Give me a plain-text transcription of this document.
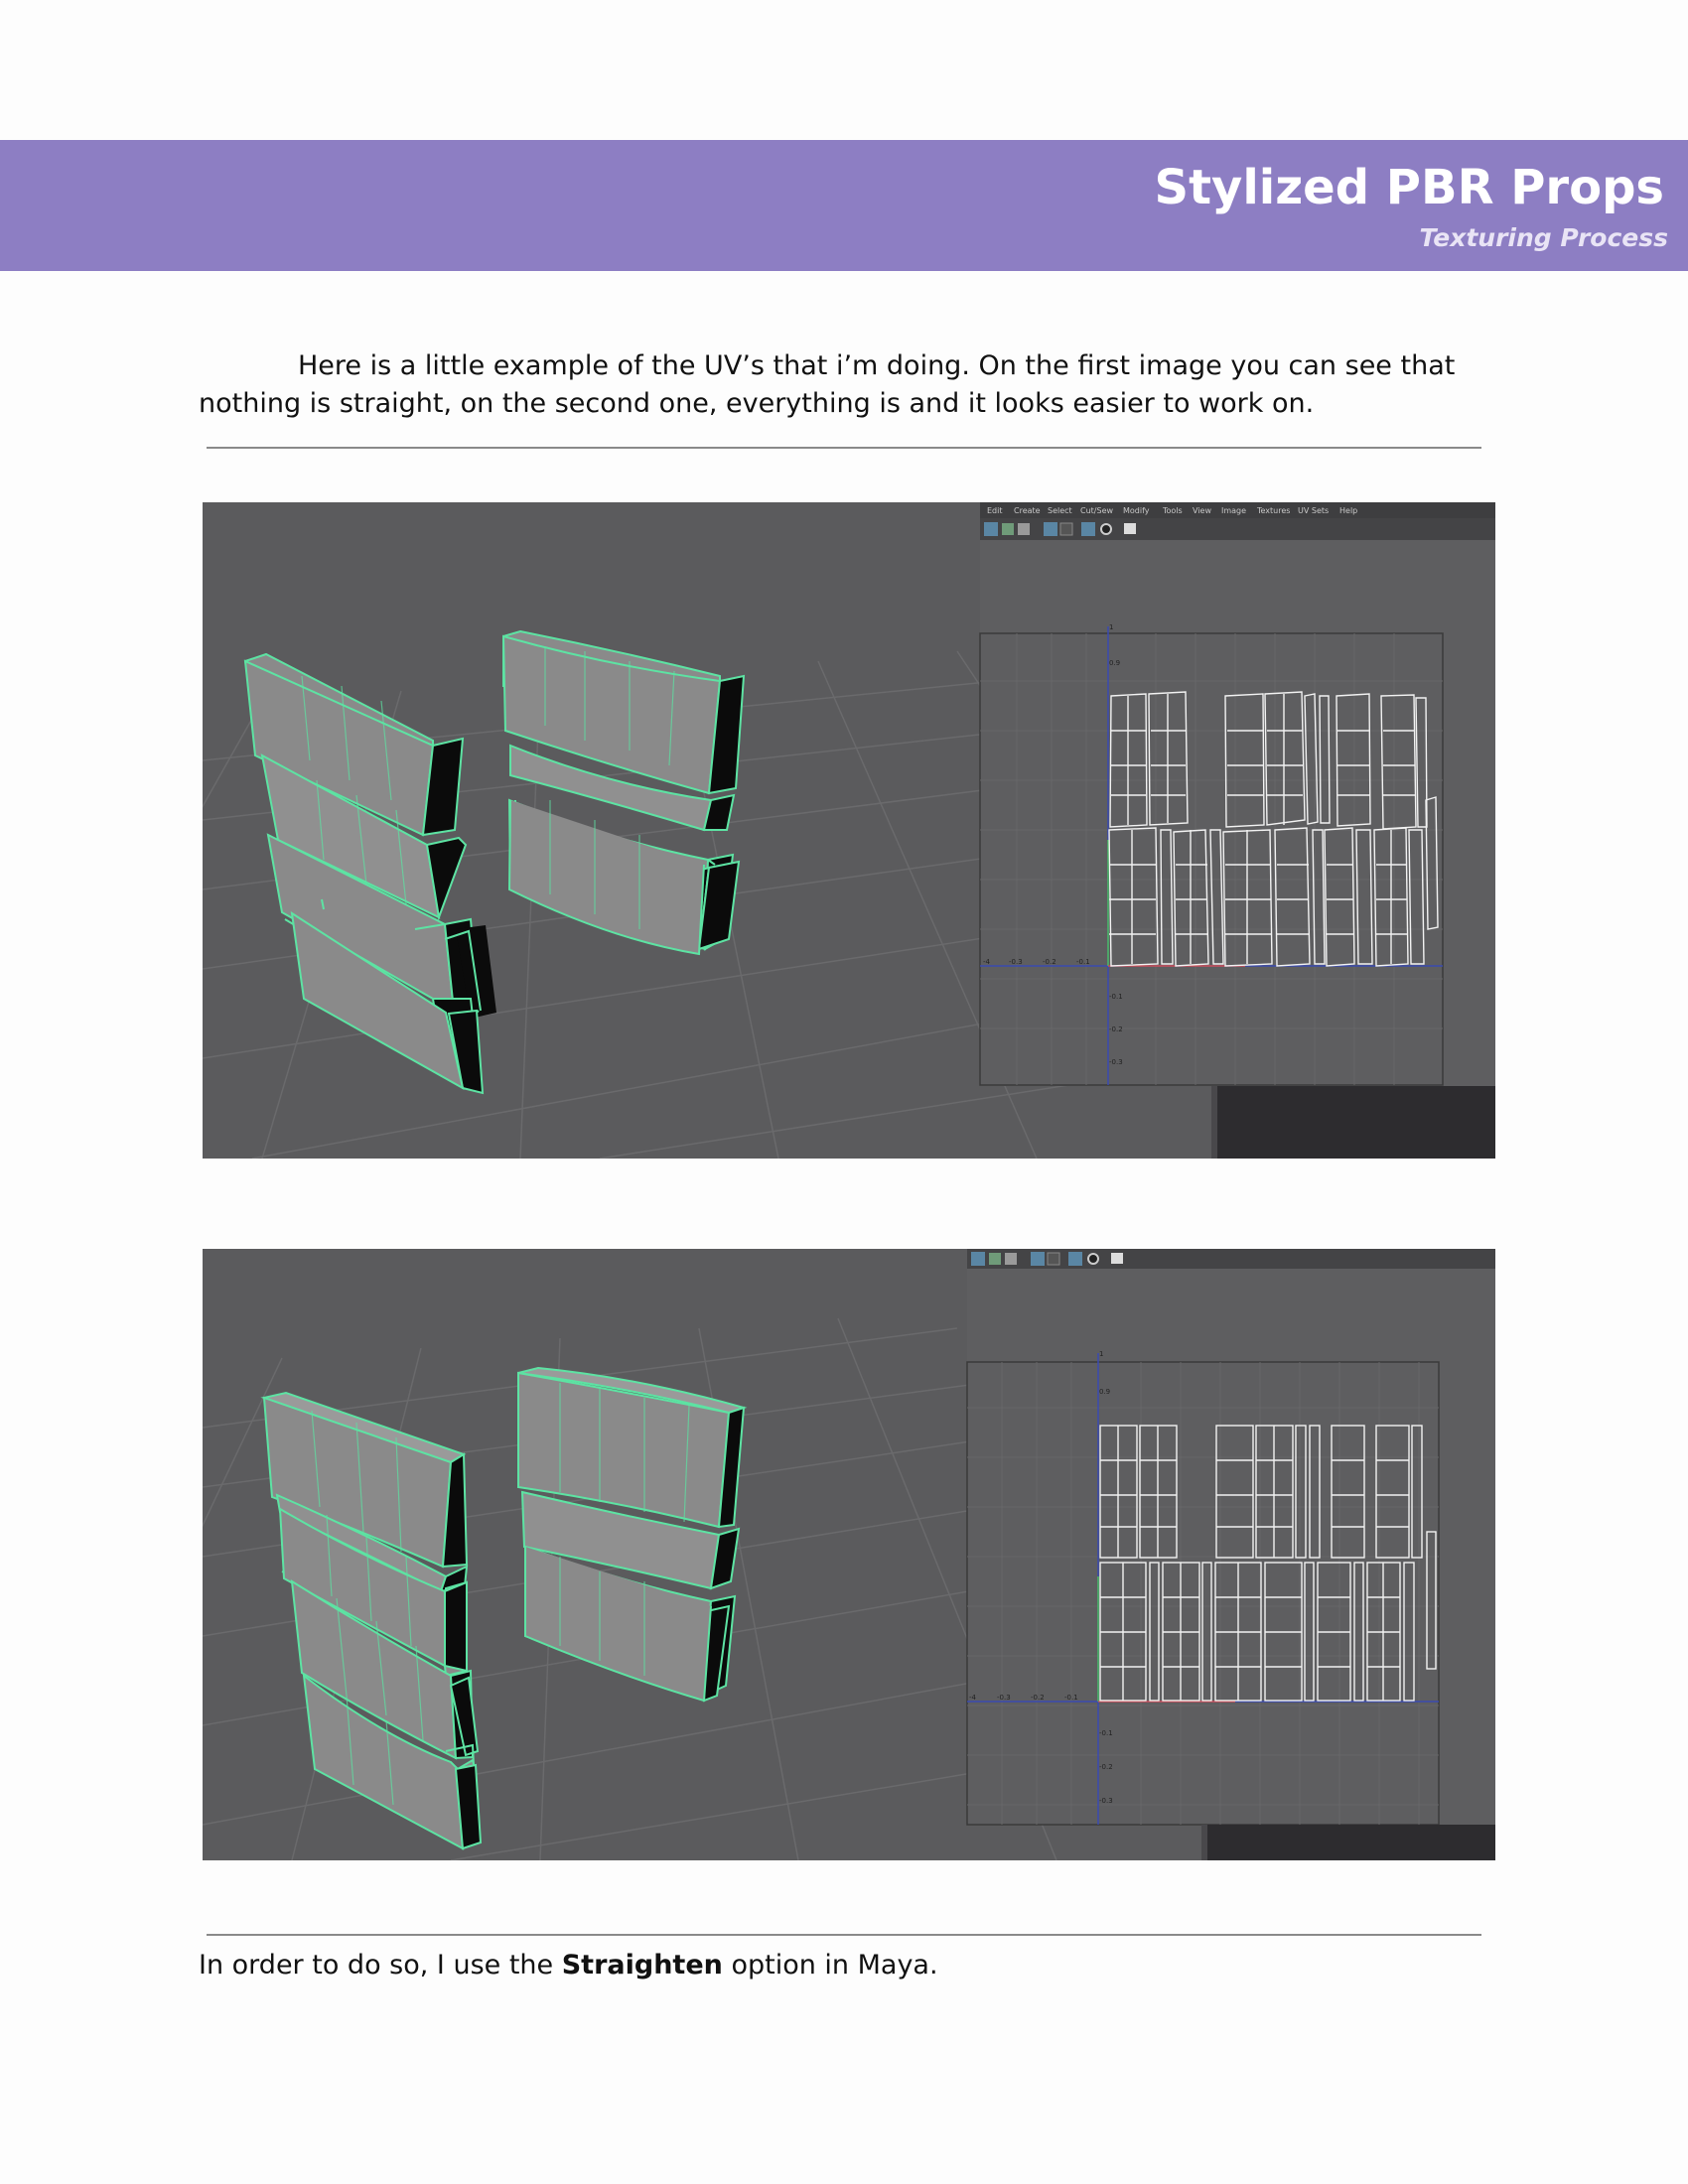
Stylized PBR Props
Texturing Process

Here is a little example of the UV’s that i’m doing. On the first image you can see that nothing is straight, on the second one, everything is and it looks easier to work on.

Edit Create Select Cut/Sew Modify Tools View Image Textures UV Sets Help
1
0.9
-4	-0.3	-0.2	-0.1
-0.1
-0.2
-0.3
1
0.9
-4	-0.3	-0.2	-0.1
-0.1
-0.2
-0.3

In order to do so, I use the Straighten option in Maya.
